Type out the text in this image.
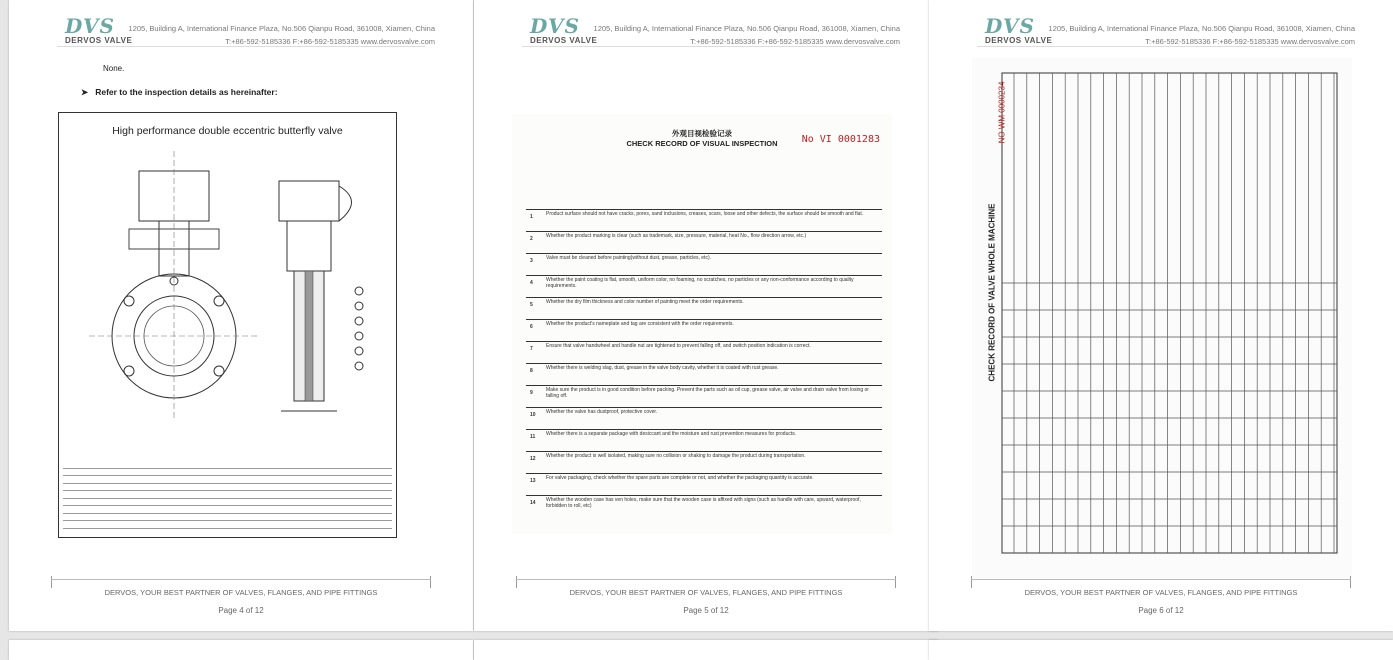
DVS
DERVOS VALVE
1205, Building A, International Finance Plaza, No.506 Qianpu Road, 361008, Xiamen, China
T:+86-592-5185336 F:+86-592-5185335 www.dervosvalve.com
None.
➤   Refer to the inspection details as hereinafter:
High performance double eccentric butterfly valve
DERVOS, YOUR BEST PARTNER OF VALVES, FLANGES, AND PIPE FITTINGS
Page 4 of 12
DVS
DERVOS VALVE
1205, Building A, International Finance Plaza, No.506 Qianpu Road, 361008, Xiamen, China
T:+86-592-5185336 F:+86-592-5185335 www.dervosvalve.com
外观目视检验记录
CHECK RECORD OF VISUAL INSPECTION	No VI 0001283
1	Product surface should not have cracks, pores, sand inclusions, creases, scars, loose and other defects, the surface should be smooth and flat.
2	Whether the product marking is clear (such as trademark, size, pressure, material, heat No., flow direction arrow, etc.)
3	Valve must be cleaned before painting(without dust, grease, particles, etc).
4	Whether the paint coating is flat, smooth, uniform color, no foaming, no scratches, no particles or any non-conformance according to quality requirements.
5	Whether the dry film thickness and color number of painting meet the order requirements.
6	Whether the product's nameplate and tag are consistent with the order requirements.
7	Ensure that valve handwheel and handle nut are tightened to prevent falling off, and switch position indication is correct.
8	Whether there is welding slag, dust, grease in the valve body cavity, whether it is coated with rust grease.
9	Make sure the product is in good condition before packing. Prevent the parts such as oil cup, grease valve, air valve and drain valve from losing or falling off.
10 Whether the valve has dustproof, protective cover.
11 Whether there is a separate package with desiccant and the moisture and rust prevention measures for products.
12 Whether the product is well isolated, making sure no collision or shaking to damage the product during transportation.
13 For valve packaging, check whether the spare parts are complete or not, and whether the packaging quantity is accurate.
14 Whether the wooden case has ven holes, make sure that the wooden case is affixed with signs (such as handle with care, upward, waterproof, forbidden to roll, etc)
DERVOS, YOUR BEST PARTNER OF VALVES, FLANGES, AND PIPE FITTINGS
Page 5 of 12
DVS
DERVOS VALVE
1205, Building A, International Finance Plaza, No.506 Qianpu Road, 361008, Xiamen, China
T:+86-592-5185336 F:+86-592-5185335 www.dervosvalve.com
CHECK RECORD OF VALVE WHOLE MACHINE
NO WM 0000234
DERVOS, YOUR BEST PARTNER OF VALVES, FLANGES, AND PIPE FITTINGS
Page 6 of 12
